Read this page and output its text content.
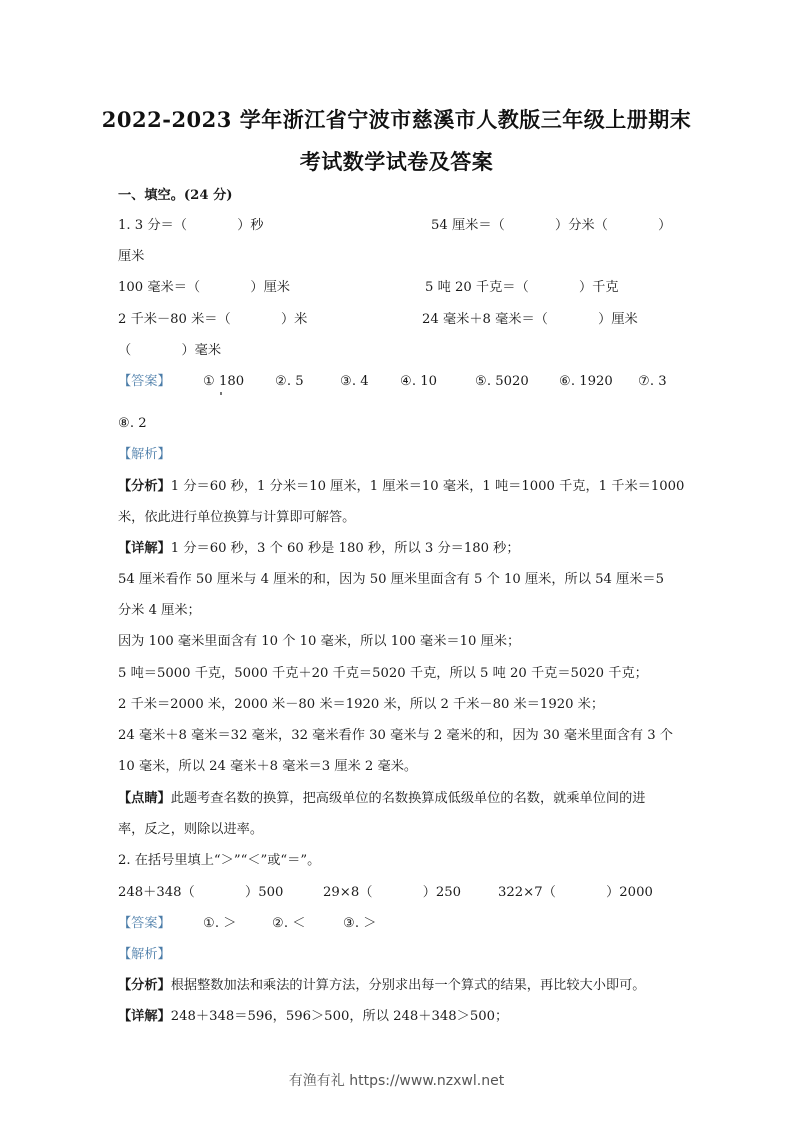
2022-2023 学年浙江省宁波市慈溪市人教版三年级上册期末
考试数学试卷及答案
一、填空。(24 分)
1. 3 分＝（            ）秒	54 厘米＝（            ）分米（            ）
厘米
100 毫米＝（            ）厘米	5 吨 20 千克＝（            ）千克
2 千米－80 米＝（            ）米	24 毫米＋8 毫米＝（            ）厘米
（            ）毫米
【答案】 ① 180 ②. 5	③. 4 ④. 10	⑤. 5020 ⑥. 1920 ⑦. 3
⑧. 2
【解析】
【分析】1 分＝60 秒，1 分米＝10 厘米，1 厘米＝10 毫米，1 吨＝1000 千克，1 千米＝1000
米，依此进行单位换算与计算即可解答。
【详解】1 分＝60 秒，3 个 60 秒是 180 秒，所以 3 分＝180 秒；
54 厘米看作 50 厘米与 4 厘米的和，因为 50 厘米里面含有 5 个 10 厘米，所以 54 厘米＝5
分米 4 厘米；
因为 100 毫米里面含有 10 个 10 毫米，所以 100 毫米＝10 厘米；
5 吨＝5000 千克，5000 千克＋20 千克＝5020 千克，所以 5 吨 20 千克＝5020 千克；
2 千米＝2000 米，2000 米－80 米＝1920 米，所以 2 千米－80 米＝1920 米；
24 毫米＋8 毫米＝32 毫米，32 毫米看作 30 毫米与 2 毫米的和，因为 30 毫米里面含有 3 个
10 毫米，所以 24 毫米＋8 毫米＝3 厘米 2 毫米。
【点睛】此题考查名数的换算，把高级单位的名数换算成低级单位的名数，就乘单位间的进
率，反之，则除以进率。
2. 在括号里填上“＞”“＜”或“＝”。
248＋348（            ）500	29×8（            ）250	322×7（            ）2000
【答案】 ①. ＞	②. ＜	③. ＞
【解析】
【分析】根据整数加法和乘法的计算方法，分别求出每一个算式的结果，再比较大小即可。
【详解】248＋348＝596，596＞500，所以 248＋348＞500；
有渔有礼 https://www.nzxwl.net
